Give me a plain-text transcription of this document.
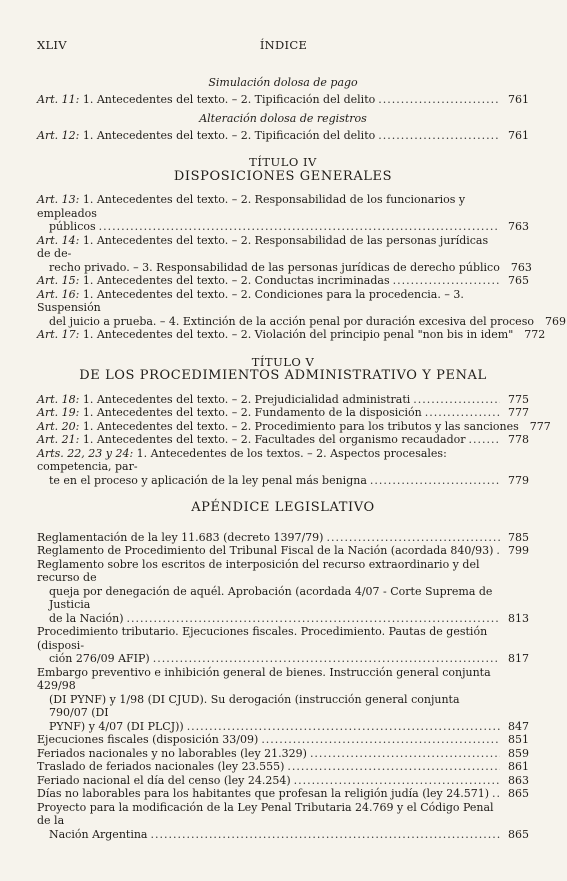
XLIV	ÍNDICE
Simulación dolosa de pago
Art. 11: 1. Antecedentes del texto. – 2. Tipificación del delito .....	761
Alteración dolosa de registros
Art. 12: 1. Antecedentes del texto. – 2. Tipificación del delito .....	761
TÍTULO IV
DISPOSICIONES GENERALES
Art. 13: 1. Antecedentes del texto. – 2. Responsabilidad de los funcionarios y empleados
públicos .....	763
Art. 14: 1. Antecedentes del texto. – 2. Responsabilidad de las personas jurídicas de de-
recho privado. – 3. Responsabilidad de las personas jurídicas de derecho público	763
Art. 15: 1. Antecedentes del texto. – 2. Conductas incriminadas .....	765
Art. 16: 1. Antecedentes del texto. – 2. Condiciones para la procedencia. – 3. Suspensión
del juicio a prueba. – 4. Extinción de la acción penal por duración excesiva del proceso	769
Art. 17: 1. Antecedentes del texto. – 2. Violación del principio penal "non bis in idem"	772
TÍTULO V
DE LOS PROCEDIMIENTOS ADMINISTRATIVO Y PENAL
Art. 18: 1. Antecedentes del texto. – 2. Prejudicialidad administrati .....	775
Art. 19: 1. Antecedentes del texto. – 2. Fundamento de la disposición .....	777
Art. 20: 1. Antecedentes del texto. – 2. Procedimiento para los tributos y las sanciones	777
Art. 21: 1. Antecedentes del texto. – 2. Facultades del organismo recaudador .....	778
Arts. 22, 23 y 24: 1. Antecedentes de los textos. – 2. Aspectos procesales: competencia, par-
te en el proceso y aplicación de la ley penal más benigna .....	779
APÉNDICE LEGISLATIVO
Reglamentación de la ley 11.683 (decreto 1397/79) .....	785
Reglamento de Procedimiento del Tribunal Fiscal de la Nación (acordada 840/93) .....	799
Reglamento sobre los escritos de interposición del recurso extraordinario y del recurso de
queja por denegación de aquél. Aprobación (acordada 4/07 - Corte Suprema de Justicia
de la Nación) .....	813
Procedimiento tributario. Ejecuciones fiscales. Procedimiento. Pautas de gestión (disposi-
ción 276/09 AFIP) .....	817
Embargo preventivo e inhibición general de bienes. Instrucción general conjunta 429/98
(DI PYNF) y 1/98 (DI CJUD). Su derogación (instrucción general conjunta 790/07 (DI
PYNF) y 4/07 (DI PLCJ)) .....	847
Ejecuciones fiscales (disposición 33/09) .....	851
Feriados nacionales y no laborables (ley 21.329) .....	859
Traslado de feriados nacionales (ley 23.555) .....	861
Feriado nacional el día del censo (ley 24.254) .....	863
Días no laborables para los habitantes que profesan la religión judía (ley 24.571) .....	865
Proyecto para la modificación de la Ley Penal Tributaria 24.769 y el Código Penal de la
Nación Argentina .....	865
